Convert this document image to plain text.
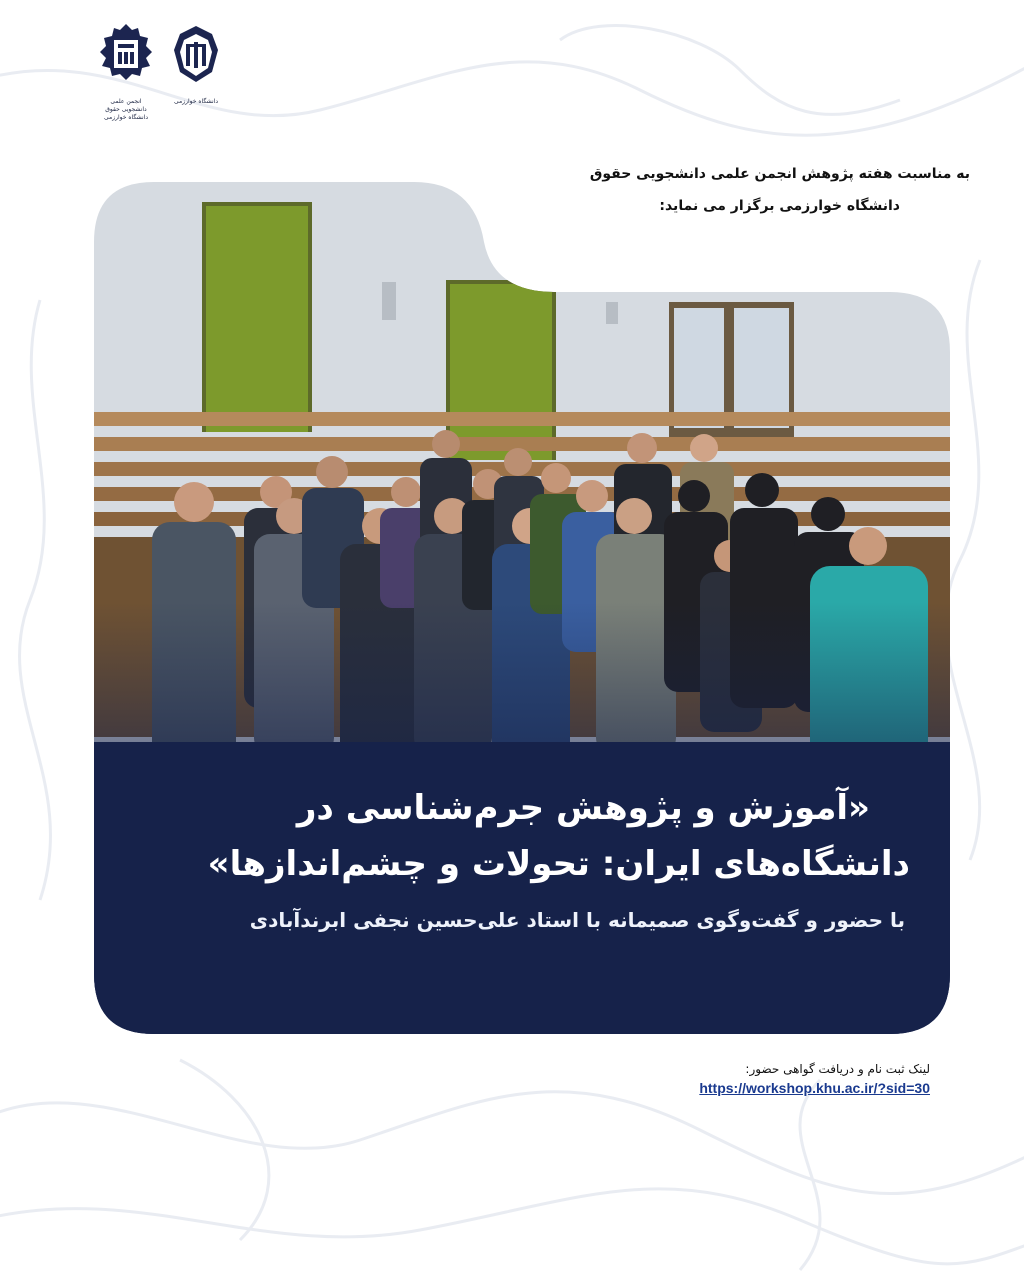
انجمن علمی دانشجویی حقوق دانشگاه خوارزمی
دانشگاه خوارزمی
به مناسبت هفته پژوهش انجمن علمی دانشجویی حقوق
دانشگاه خوارزمی برگزار می نماید:
«آموزش و پژوهش جرم‌شناسی در
دانشگاه‌های ایران: تحولات و چشم‌اندازها»
با حضور و گفت‌وگوی صمیمانه با استاد علی‌حسین نجفی ابرندآبادی
لینک ثبت نام و دریافت گواهی حضور:
https://workshop.khu.ac.ir/?sid=30
